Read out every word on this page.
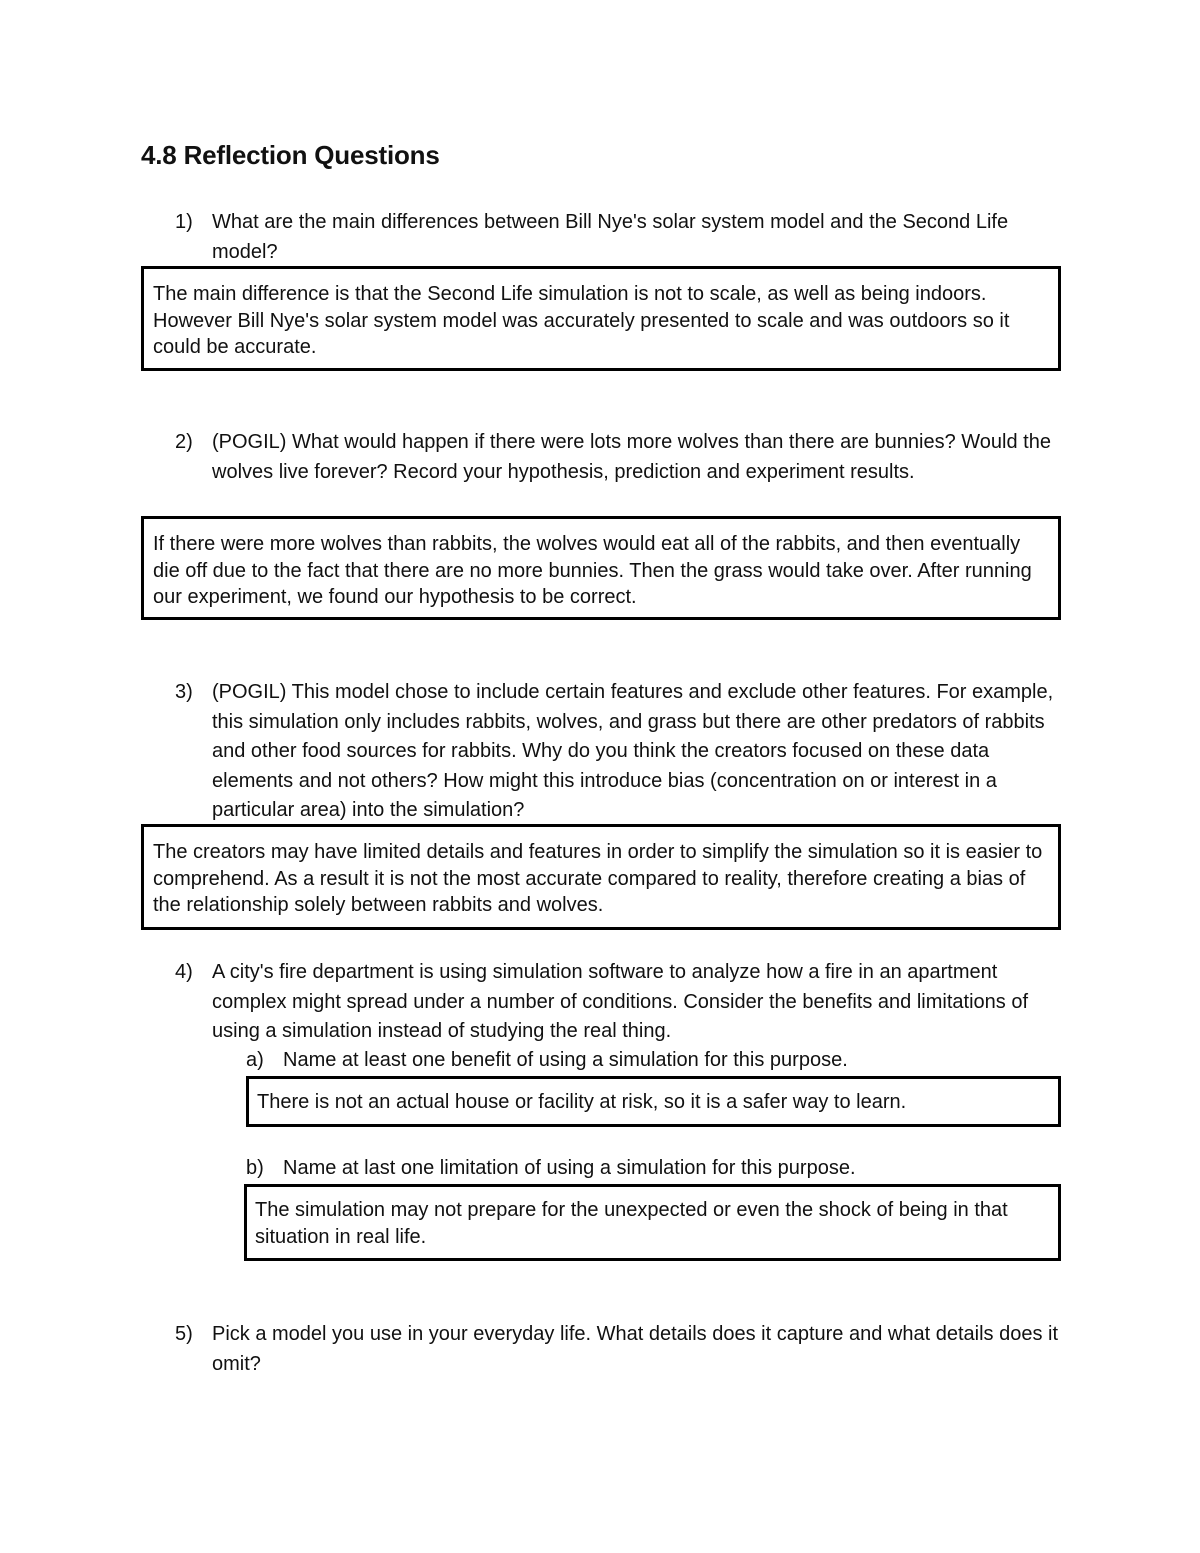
4.8 Reflection Questions
1) What are the main differences between Bill Nye's solar system model and the Second Life model?
The main difference is that the Second Life simulation is not to scale, as well as being indoors. However Bill Nye's solar system model was accurately presented to scale and was outdoors so it could be accurate.
2) (POGIL) What would happen if there were lots more wolves than there are bunnies? Would the wolves live forever? Record your hypothesis, prediction and experiment results.
If there were more wolves than rabbits, the wolves would eat all of the rabbits, and then eventually die off due to the fact that there are no more bunnies. Then the grass would take over. After running our experiment, we found our hypothesis to be correct.
3) (POGIL) This model chose to include certain features and exclude other features. For example, this simulation only includes rabbits, wolves, and grass but there are other predators of rabbits and other food sources for rabbits. Why do you think the creators focused on these data elements and not others? How might this introduce bias (concentration on or interest in a particular area) into the simulation?
The creators may have limited details and features in order to simplify the simulation so it is easier to comprehend. As a result it is not the most accurate compared to reality, therefore creating a bias of the relationship solely between rabbits and wolves.
4) A city's fire department is using simulation software to analyze how a fire in an apartment complex might spread under a number of conditions. Consider the benefits and limitations of using a simulation instead of studying the real thing.
a) Name at least one benefit of using a simulation for this purpose.
There is not an actual house or facility at risk, so it is a safer way to learn.
b) Name at last one limitation of using a simulation for this purpose.
The simulation may not prepare for the unexpected or even the shock of being in that situation in real life.
5) Pick a model you use in your everyday life. What details does it capture and what details does it omit?
